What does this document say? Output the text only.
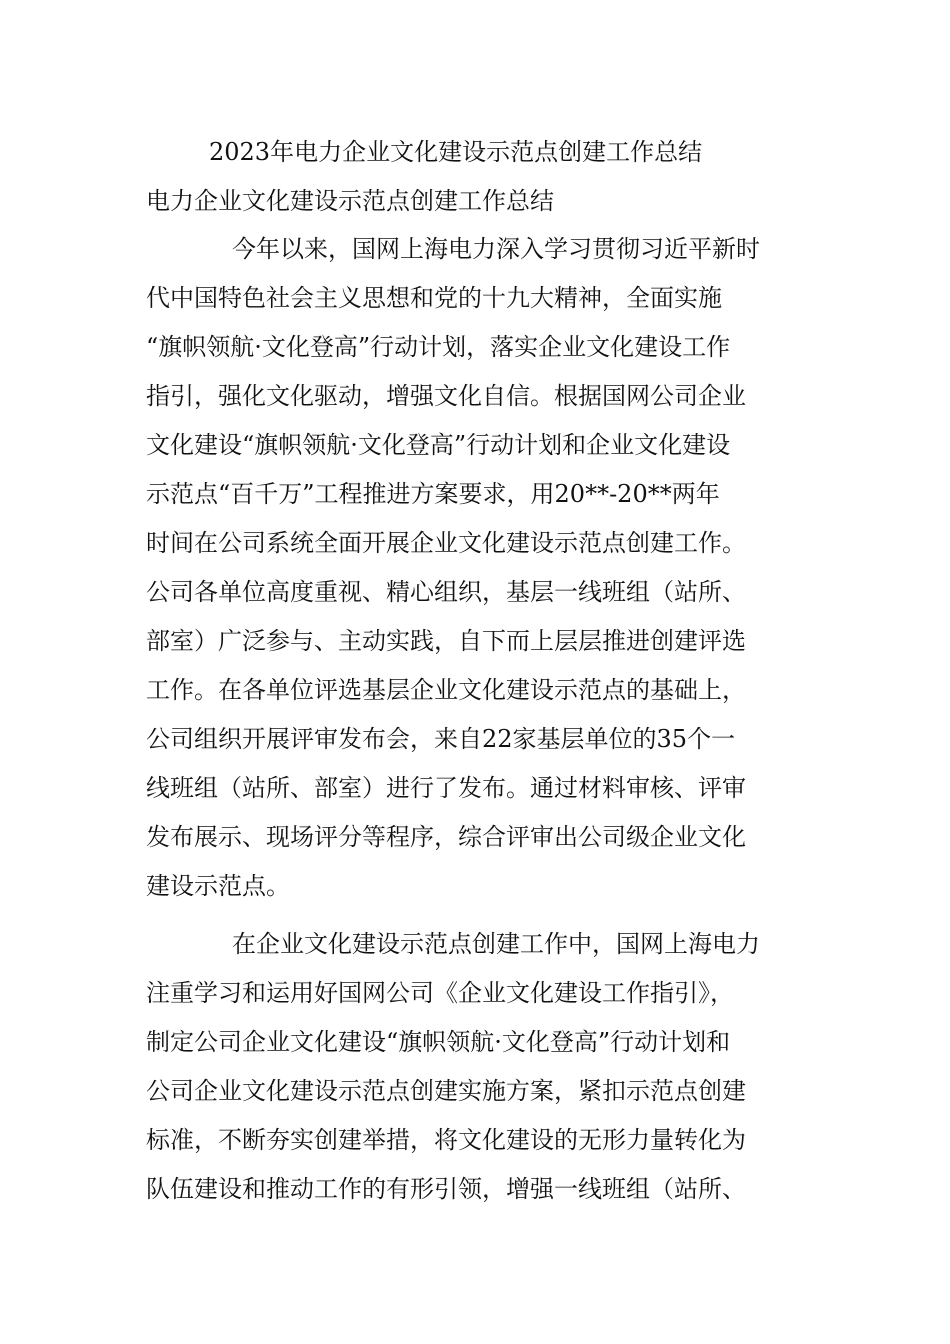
2023年电力企业文化建设示范点创建工作总结
电力企业文化建设示范点创建工作总结
今年以来，国网上海电力深入学习贯彻习近平新时
代中国特色社会主义思想和党的十九大精神，全面实施
“旗帜领航·文化登高”行动计划，落实企业文化建设工作
指引，强化文化驱动，增强文化自信。根据国网公司企业
文化建设“旗帜领航·文化登高”行动计划和企业文化建设
示范点“百千万”工程推进方案要求，用20**-20**两年
时间在公司系统全面开展企业文化建设示范点创建工作。
公司各单位高度重视、精心组织，基层一线班组（站所、
部室）广泛参与、主动实践，自下而上层层推进创建评选
工作。在各单位评选基层企业文化建设示范点的基础上，
公司组织开展评审发布会，来自22家基层单位的35个一
线班组（站所、部室）进行了发布。通过材料审核、评审
发布展示、现场评分等程序，综合评审出公司级企业文化
建设示范点。
在企业文化建设示范点创建工作中，国网上海电力
注重学习和运用好国网公司《企业文化建设工作指引》，
制定公司企业文化建设“旗帜领航·文化登高”行动计划和
公司企业文化建设示范点创建实施方案，紧扣示范点创建
标准，不断夯实创建举措，将文化建设的无形力量转化为
队伍建设和推动工作的有形引领，增强一线班组（站所、
